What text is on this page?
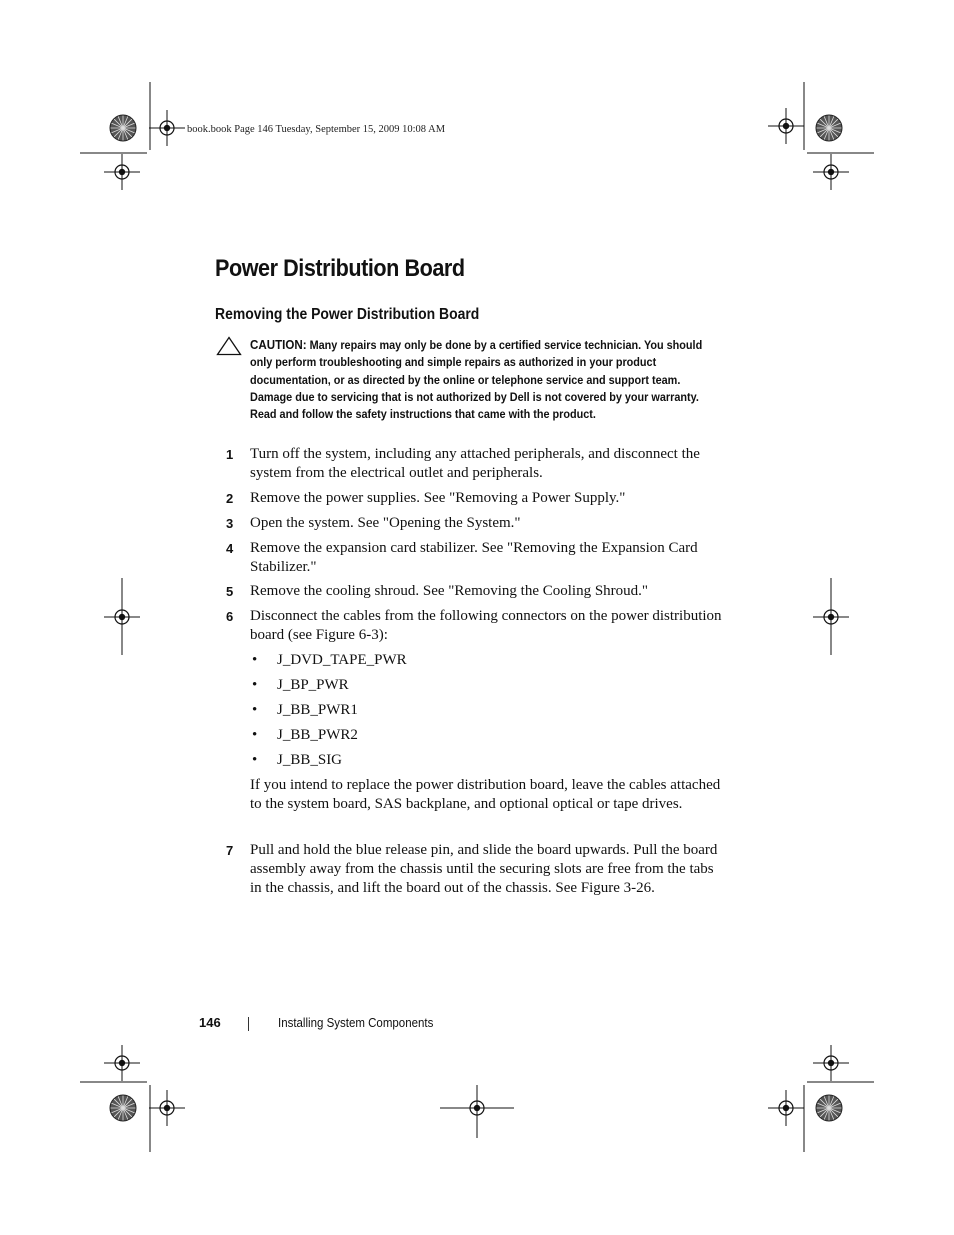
book.book Page 146 Tuesday, September 15, 2009 10:08 AM
Power Distribution Board
Removing the Power Distribution Board
CAUTION: Many repairs may only be done by a certified service technician. You should only perform troubleshooting and simple repairs as authorized in your product documentation, or as directed by the online or telephone service and support team. Damage due to servicing that is not authorized by Dell is not covered by your warranty. Read and follow the safety instructions that came with the product.
1 Turn off the system, including any attached peripherals, and disconnect the system from the electrical outlet and peripherals.
2 Remove the power supplies. See "Removing a Power Supply."
3 Open the system. See "Opening the System."
4 Remove the expansion card stabilizer. See "Removing the Expansion Card Stabilizer."
5 Remove the cooling shroud. See "Removing the Cooling Shroud."
6 Disconnect the cables from the following connectors on the power distribution board (see Figure 6-3):
• J_DVD_TAPE_PWR
• J_BP_PWR
• J_BB_PWR1
• J_BB_PWR2
• J_BB_SIG
If you intend to replace the power distribution board, leave the cables attached to the system board, SAS backplane, and optional optical or tape drives.
7 Pull and hold the blue release pin, and slide the board upwards. Pull the board assembly away from the chassis until the securing slots are free from the tabs in the chassis, and lift the board out of the chassis. See Figure 3-26.
146	Installing System Components
